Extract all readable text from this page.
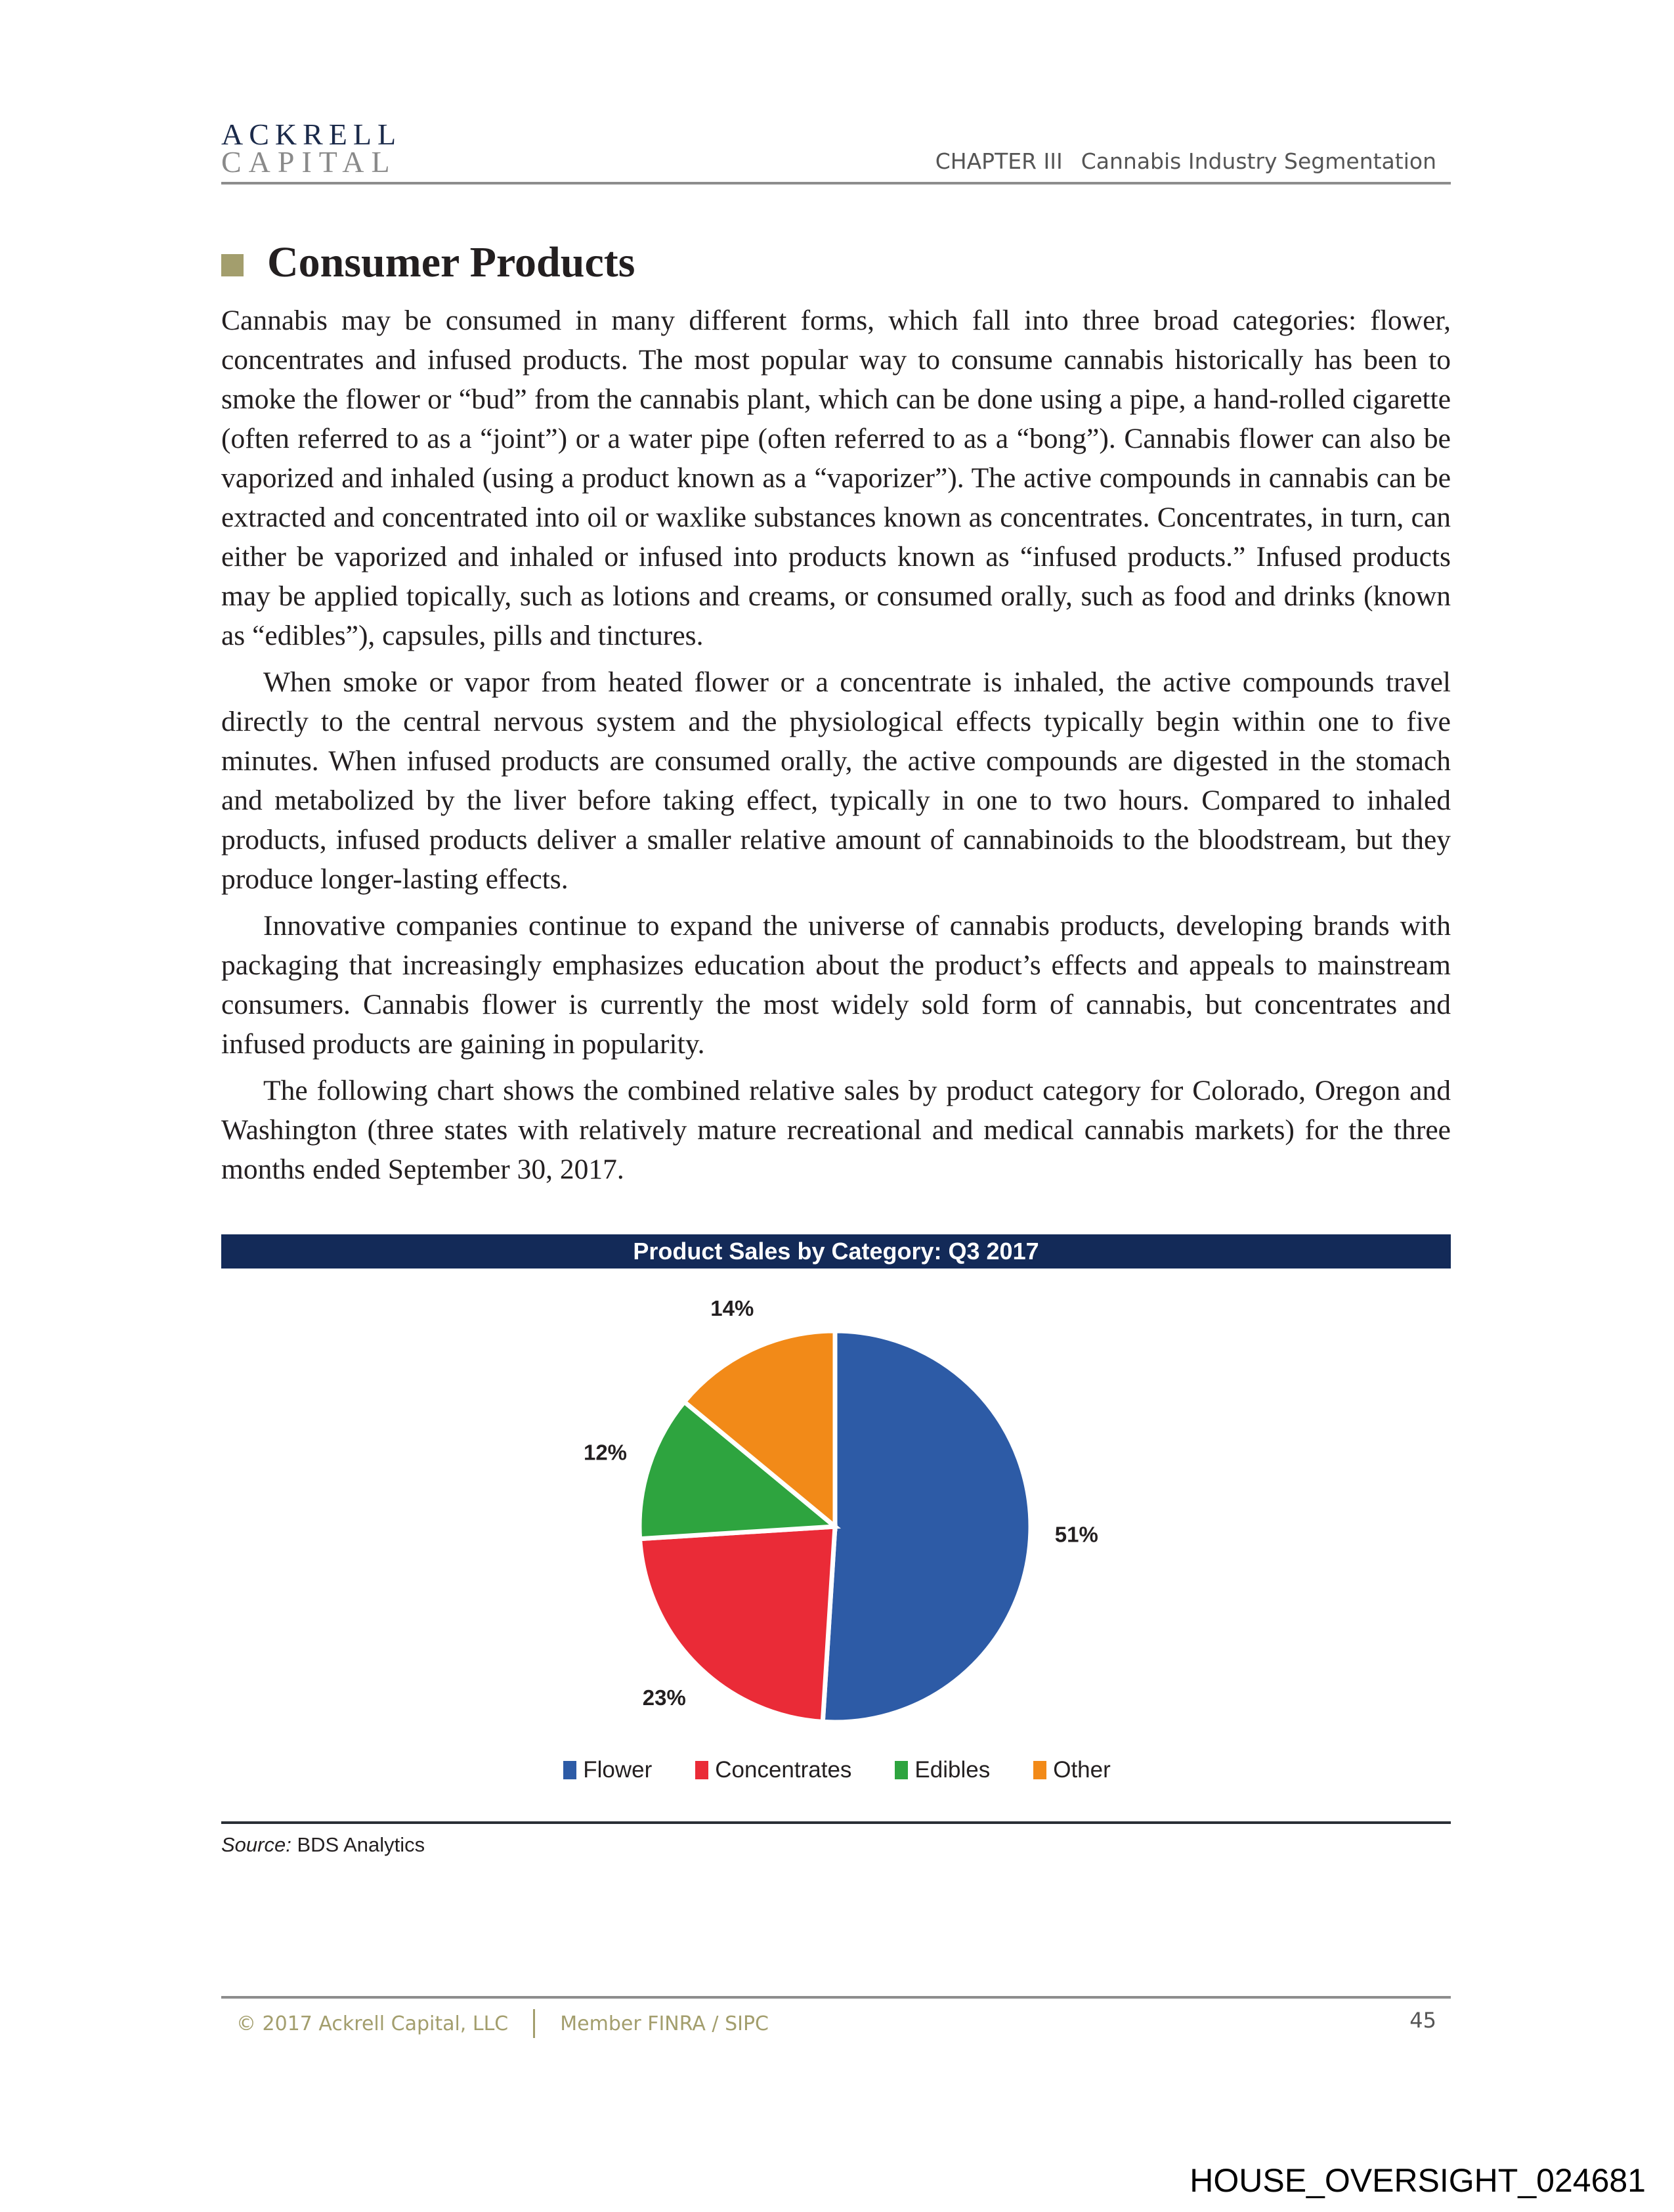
ACKRELL
CAPITAL	CHAPTER III Cannabis Industry Segmentation
Consumer Products

Cannabis may be consumed in many different forms, which fall into three broad categories: flower, concentrates and infused products. The most popular way to consume cannabis historically has been to smoke the flower or “bud” from the cannabis plant, which can be done using a pipe, a hand-rolled cigarette (often referred to as a “joint”) or a water pipe (often referred to as a “bong”). Cannabis flower can also be vaporized and inhaled (using a product known as a “vaporizer”). The active compounds in cannabis can be extracted and concentrated into oil or waxlike substances known as concentrates. Concentrates, in turn, can either be vaporized and inhaled or infused into products known as “infused products.” Infused products may be applied topically, such as lotions and creams, or consumed orally, such as food and drinks (known as “edibles”), capsules, pills and tinctures.

When smoke or vapor from heated flower or a concentrate is inhaled, the active compounds travel directly to the central nervous system and the physiological effects typically begin within one to five minutes. When infused products are consumed orally, the active compounds are digested in the stomach and metabolized by the liver before taking effect, typically in one to two hours. Compared to inhaled products, infused products deliver a smaller relative amount of cannabinoids to the bloodstream, but they produce longer-lasting effects.

Innovative companies continue to expand the universe of cannabis products, developing brands with packaging that increasingly emphasizes education about the product’s effects and appeals to mainstream consumers. Cannabis flower is currently the most widely sold form of cannabis, but concentrates and infused products are gaining in popularity.

The following chart shows the combined relative sales by product category for Colorado, Oregon and Washington (three states with relatively mature recreational and medical cannabis markets) for the three months ended September 30, 2017.

Product Sales by Category: Q3 2017
51%
23%
12%
14%
Flower	Concentrates	Edibles	Other
Source: BDS Analytics
© 2017 Ackrell Capital, LLC	Member FINRA / SIPC	45
HOUSE_OVERSIGHT_024681
